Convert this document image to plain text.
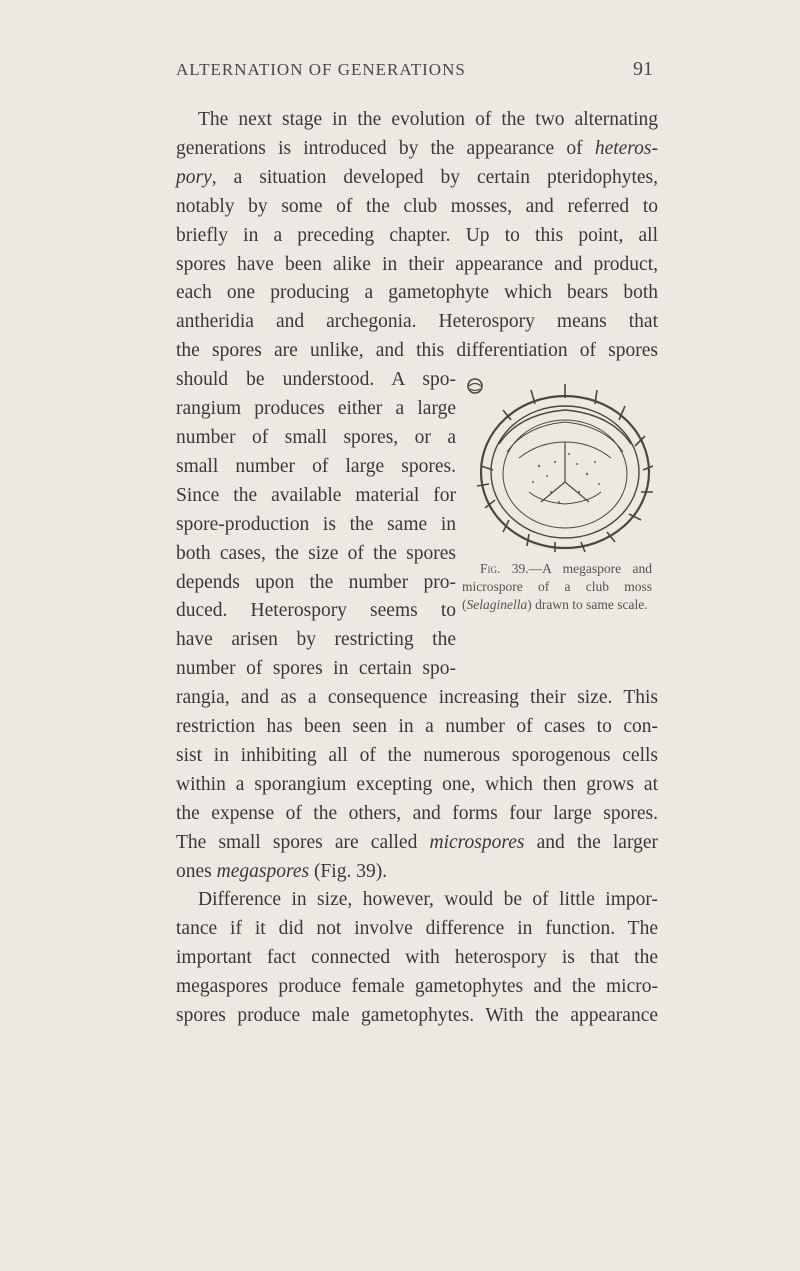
ALTERNATION OF GENERATIONS	91
The next stage in the evolution of the two alternating
generations is introduced by the appearance of heteros-
pory, a situation developed by certain pteridophytes,
notably by some of the club mosses, and referred to
briefly in a preceding chapter. Up to this point, all
spores have been alike in their appearance and product,
each one producing a gametophyte which bears both
antheridia and archegonia. Heterospory means that
the spores are unlike, and this differentiation of spores
should be understood. A spo-
rangium produces either a large
number of small spores, or a
small number of large spores.
Since the available material for
spore-production is the same in
both cases, the size of the spores
depends upon the number pro-
duced. Heterospory seems to
have arisen by restricting the
number of spores in certain spo-
Fig. 39.—A megaspore and microspore of a club moss (Selaginella) drawn to same scale.
rangia, and as a consequence increasing their size. This
restriction has been seen in a number of cases to con-
sist in inhibiting all of the numerous sporogenous cells
within a sporangium excepting one, which then grows at
the expense of the others, and forms four large spores.
The small spores are called microspores and the larger
ones megaspores (Fig. 39).
Difference in size, however, would be of little impor-
tance if it did not involve difference in function. The
important fact connected with heterospory is that the
megaspores produce female gametophytes and the micro-
spores produce male gametophytes. With the appearance
